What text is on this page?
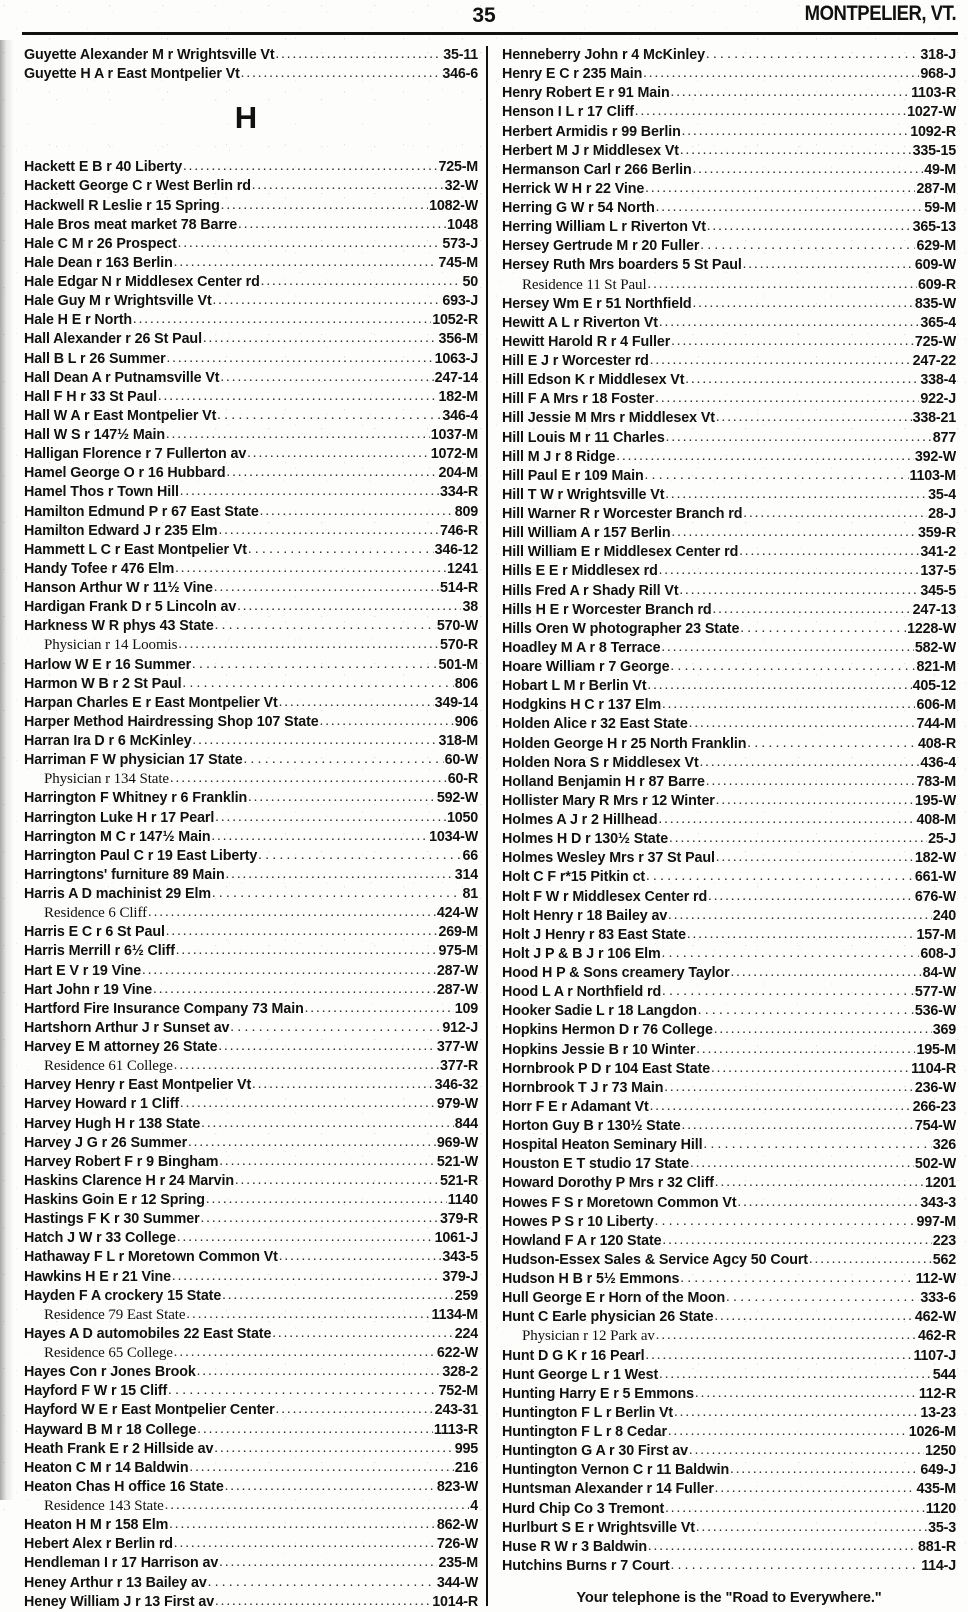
35	MONTPELIER, VT.
Guyette Alexander M r Wrightsville Vt .....	35-11
Guyette H A r East Montpelier Vt .....	346-6
H
Hackett E B r 40 Liberty .....	725-M
Hackett George C r West Berlin rd .....	32-W
Hackwell R Leslie r 15 Spring .....	1082-W
Hale Bros meat market 78 Barre .....	1048
Hale C M r 26 Prospect .....	573-J
Hale Dean r 163 Berlin .....	745-M
Hale Edgar N r Middlesex Center rd .....	50
Hale Guy M r Wrightsville Vt .....	693-J
Hale H E r North .....	1052-R
Hall Alexander r 26 St Paul .....	356-M
Hall B L r 26 Summer .....	1063-J
Hall Dean A r Putnamsville Vt .....	247-14
Hall F H r 33 St Paul .....	182-M
Hall W A r East Montpelier Vt .....	346-4
Hall W S r 147½ Main .....	1037-M
Halligan Florence r 7 Fullerton av .....	1072-M
Hamel George O r 16 Hubbard .....	204-M
Hamel Thos r Town Hill .....	334-R
Hamilton Edmund P r 67 East State .....	809
Hamilton Edward J r 235 Elm .....	746-R
Hammett L C r East Montpelier Vt .....	346-12
Handy Tofee r 476 Elm .....	1241
Hanson Arthur W r 11½ Vine .....	514-R
Hardigan Frank D r 5 Lincoln av .....	38
Harkness W R phys 43 State .....	570-W
Physician r 14 Loomis .....	570-R
Harlow W E r 16 Summer .....	501-M
Harmon W B r 2 St Paul .....	806
Harpan Charles E r East Montpelier Vt .....	349-14
Harper Method Hairdressing Shop 107 State .....	906
Harran Ira D r 6 McKinley .....	318-M
Harriman F W physician 17 State .....	60-W
Physician r 134 State .....	60-R
Harrington F Whitney r 6 Franklin .....	592-W
Harrington Luke H r 17 Pearl .....	1050
Harrington M C r 147½ Main .....	1034-W
Harrington Paul C r 19 East Liberty .....	66
Harringtons' furniture 89 Main .....	314
Harris A D machinist 29 Elm .....	81
Residence 6 Cliff .....	424-W
Harris E C r 6 St Paul .....	269-M
Harris Merrill r 6½ Cliff .....	975-M
Hart E V r 19 Vine .....	287-W
Hart John r 19 Vine .....	287-W
Hartford Fire Insurance Company 73 Main .....	109
Hartshorn Arthur J r Sunset av .....	912-J
Harvey E M attorney 26 State .....	377-W
Residence 61 College .....	377-R
Harvey Henry r East Montpelier Vt .....	346-32
Harvey Howard r 1 Cliff .....	979-W
Harvey Hugh H r 138 State .....	844
Harvey J G r 26 Summer .....	969-W
Harvey Robert F r 9 Bingham .....	521-W
Haskins Clarence H r 24 Marvin .....	521-R
Haskins Goin E r 12 Spring .....	1140
Hastings F K r 30 Summer .....	379-R
Hatch J W r 33 College .....	1061-J
Hathaway F L r Moretown Common Vt .....	343-5
Hawkins H E r 21 Vine .....	379-J
Hayden F A crockery 15 State .....	259
Residence 79 East State .....	1134-M
Hayes A D automobiles 22 East State .....	224
Residence 65 College .....	622-W
Hayes Con r Jones Brook .....	328-2
Hayford F W r 15 Cliff .....	752-M
Hayford W E r East Montpelier Center .....	243-31
Hayward B M r 18 College .....	1113-R
Heath Frank E r 2 Hillside av .....	995
Heaton C M r 14 Baldwin .....	216
Heaton Chas H office 16 State .....	823-W
Residence 143 State .....	4
Heaton H M r 158 Elm .....	862-W
Hebert Alex r Berlin rd .....	726-W
Hendleman I r 17 Harrison av .....	235-M
Heney Arthur r 13 Bailey av .....	344-W
Heney William J r 13 First av .....	1014-R
Henneberry John r 4 McKinley .....	318-J
Henry E C r 235 Main .....	968-J
Henry Robert E r 91 Main .....	1103-R
Henson I L r 17 Cliff .....	1027-W
Herbert Armidis r 99 Berlin .....	1092-R
Herbert M J r Middlesex Vt .....	335-15
Hermanson Carl r 266 Berlin .....	49-M
Herrick W H r 22 Vine .....	287-M
Herring G W r 54 North .....	59-M
Herring William L r Riverton Vt .....	365-13
Hersey Gertrude M r 20 Fuller .....	629-M
Hersey Ruth Mrs boarders 5 St Paul .....	609-W
Residence 11 St Paul .....	609-R
Hersey Wm E r 51 Northfield .....	835-W
Hewitt A L r Riverton Vt .....	365-4
Hewitt Harold R r 4 Fuller .....	725-W
Hill E J r Worcester rd .....	247-22
Hill Edson K r Middlesex Vt .....	338-4
Hill F A Mrs r 18 Foster .....	922-J
Hill Jessie M Mrs r Middlesex Vt .....	338-21
Hill Louis M r 11 Charles .....	877
Hill M J r 8 Ridge .....	392-W
Hill Paul E r 109 Main .....	1103-M
Hill T W r Wrightsville Vt .....	35-4
Hill Warner R r Worcester Branch rd .....	28-J
Hill William A r 157 Berlin .....	359-R
Hill William E r Middlesex Center rd .....	341-2
Hills E E r Middlesex rd .....	137-5
Hills Fred A r Shady Rill Vt .....	345-5
Hills H E r Worcester Branch rd .....	247-13
Hills Oren W photographer 23 State .....	1228-W
Hoadley M A r 8 Terrace .....	582-W
Hoare William r 7 George .....	821-M
Hobart L M r Berlin Vt .....	405-12
Hodgkins H C r 137 Elm .....	606-M
Holden Alice r 32 East State .....	744-M
Holden George H r 25 North Franklin .....	408-R
Holden Nora S r Middlesex Vt .....	436-4
Holland Benjamin H r 87 Barre .....	783-M
Hollister Mary R Mrs r 12 Winter .....	195-W
Holmes A J r 2 Hillhead .....	408-M
Holmes H D r 130½ State .....	25-J
Holmes Wesley Mrs r 37 St Paul .....	182-W
Holt C F r*15 Pitkin ct .....	661-W
Holt F W r Middlesex Center rd .....	676-W
Holt Henry r 18 Bailey av .....	240
Holt J Henry r 83 East State .....	157-M
Holt J P & B J r 106 Elm .....	608-J
Hood H P & Sons creamery Taylor .....	84-W
Hood L A r Northfield rd .....	577-W
Hooker Sadie L r 18 Langdon .....	536-W
Hopkins Hermon D r 76 College .....	369
Hopkins Jessie B r 10 Winter .....	195-M
Hornbrook P D r 104 East State .....	1104-R
Hornbrook T J r 73 Main .....	236-W
Horr F E r Adamant Vt .....	266-23
Horton Guy B r 130½ State .....	754-W
Hospital Heaton Seminary Hill .....	326
Houston E T studio 17 State .....	502-W
Howard Dorothy P Mrs r 32 Cliff .....	1201
Howes F S r Moretown Common Vt .....	343-3
Howes P S r 10 Liberty .....	997-M
Howland F A r 120 State .....	223
Hudson-Essex Sales & Service Agcy 50 Court .....	562
Hudson H B r 5½ Emmons .....	112-W
Hull George E r Horn of the Moon .....	333-6
Hunt C Earle physician 26 State .....	462-W
Physician r 12 Park av .....	462-R
Hunt D G K r 16 Pearl .....	1107-J
Hunt George L r 1 West .....	544
Hunting Harry E r 5 Emmons .....	112-R
Huntington F L r Berlin Vt .....	13-23
Huntington F L r 8 Cedar .....	1026-M
Huntington G A r 30 First av .....	1250
Huntington Vernon C r 11 Baldwin .....	649-J
Huntsman Alexander r 14 Fuller .....	435-M
Hurd Chip Co 3 Tremont .....	1120
Hurlburt S E r Wrightsville Vt .....	35-3
Huse R W r 3 Baldwin .....	881-R
Hutchins Burns r 7 Court .....	114-J
Your telephone is the "Road to Everywhere."
